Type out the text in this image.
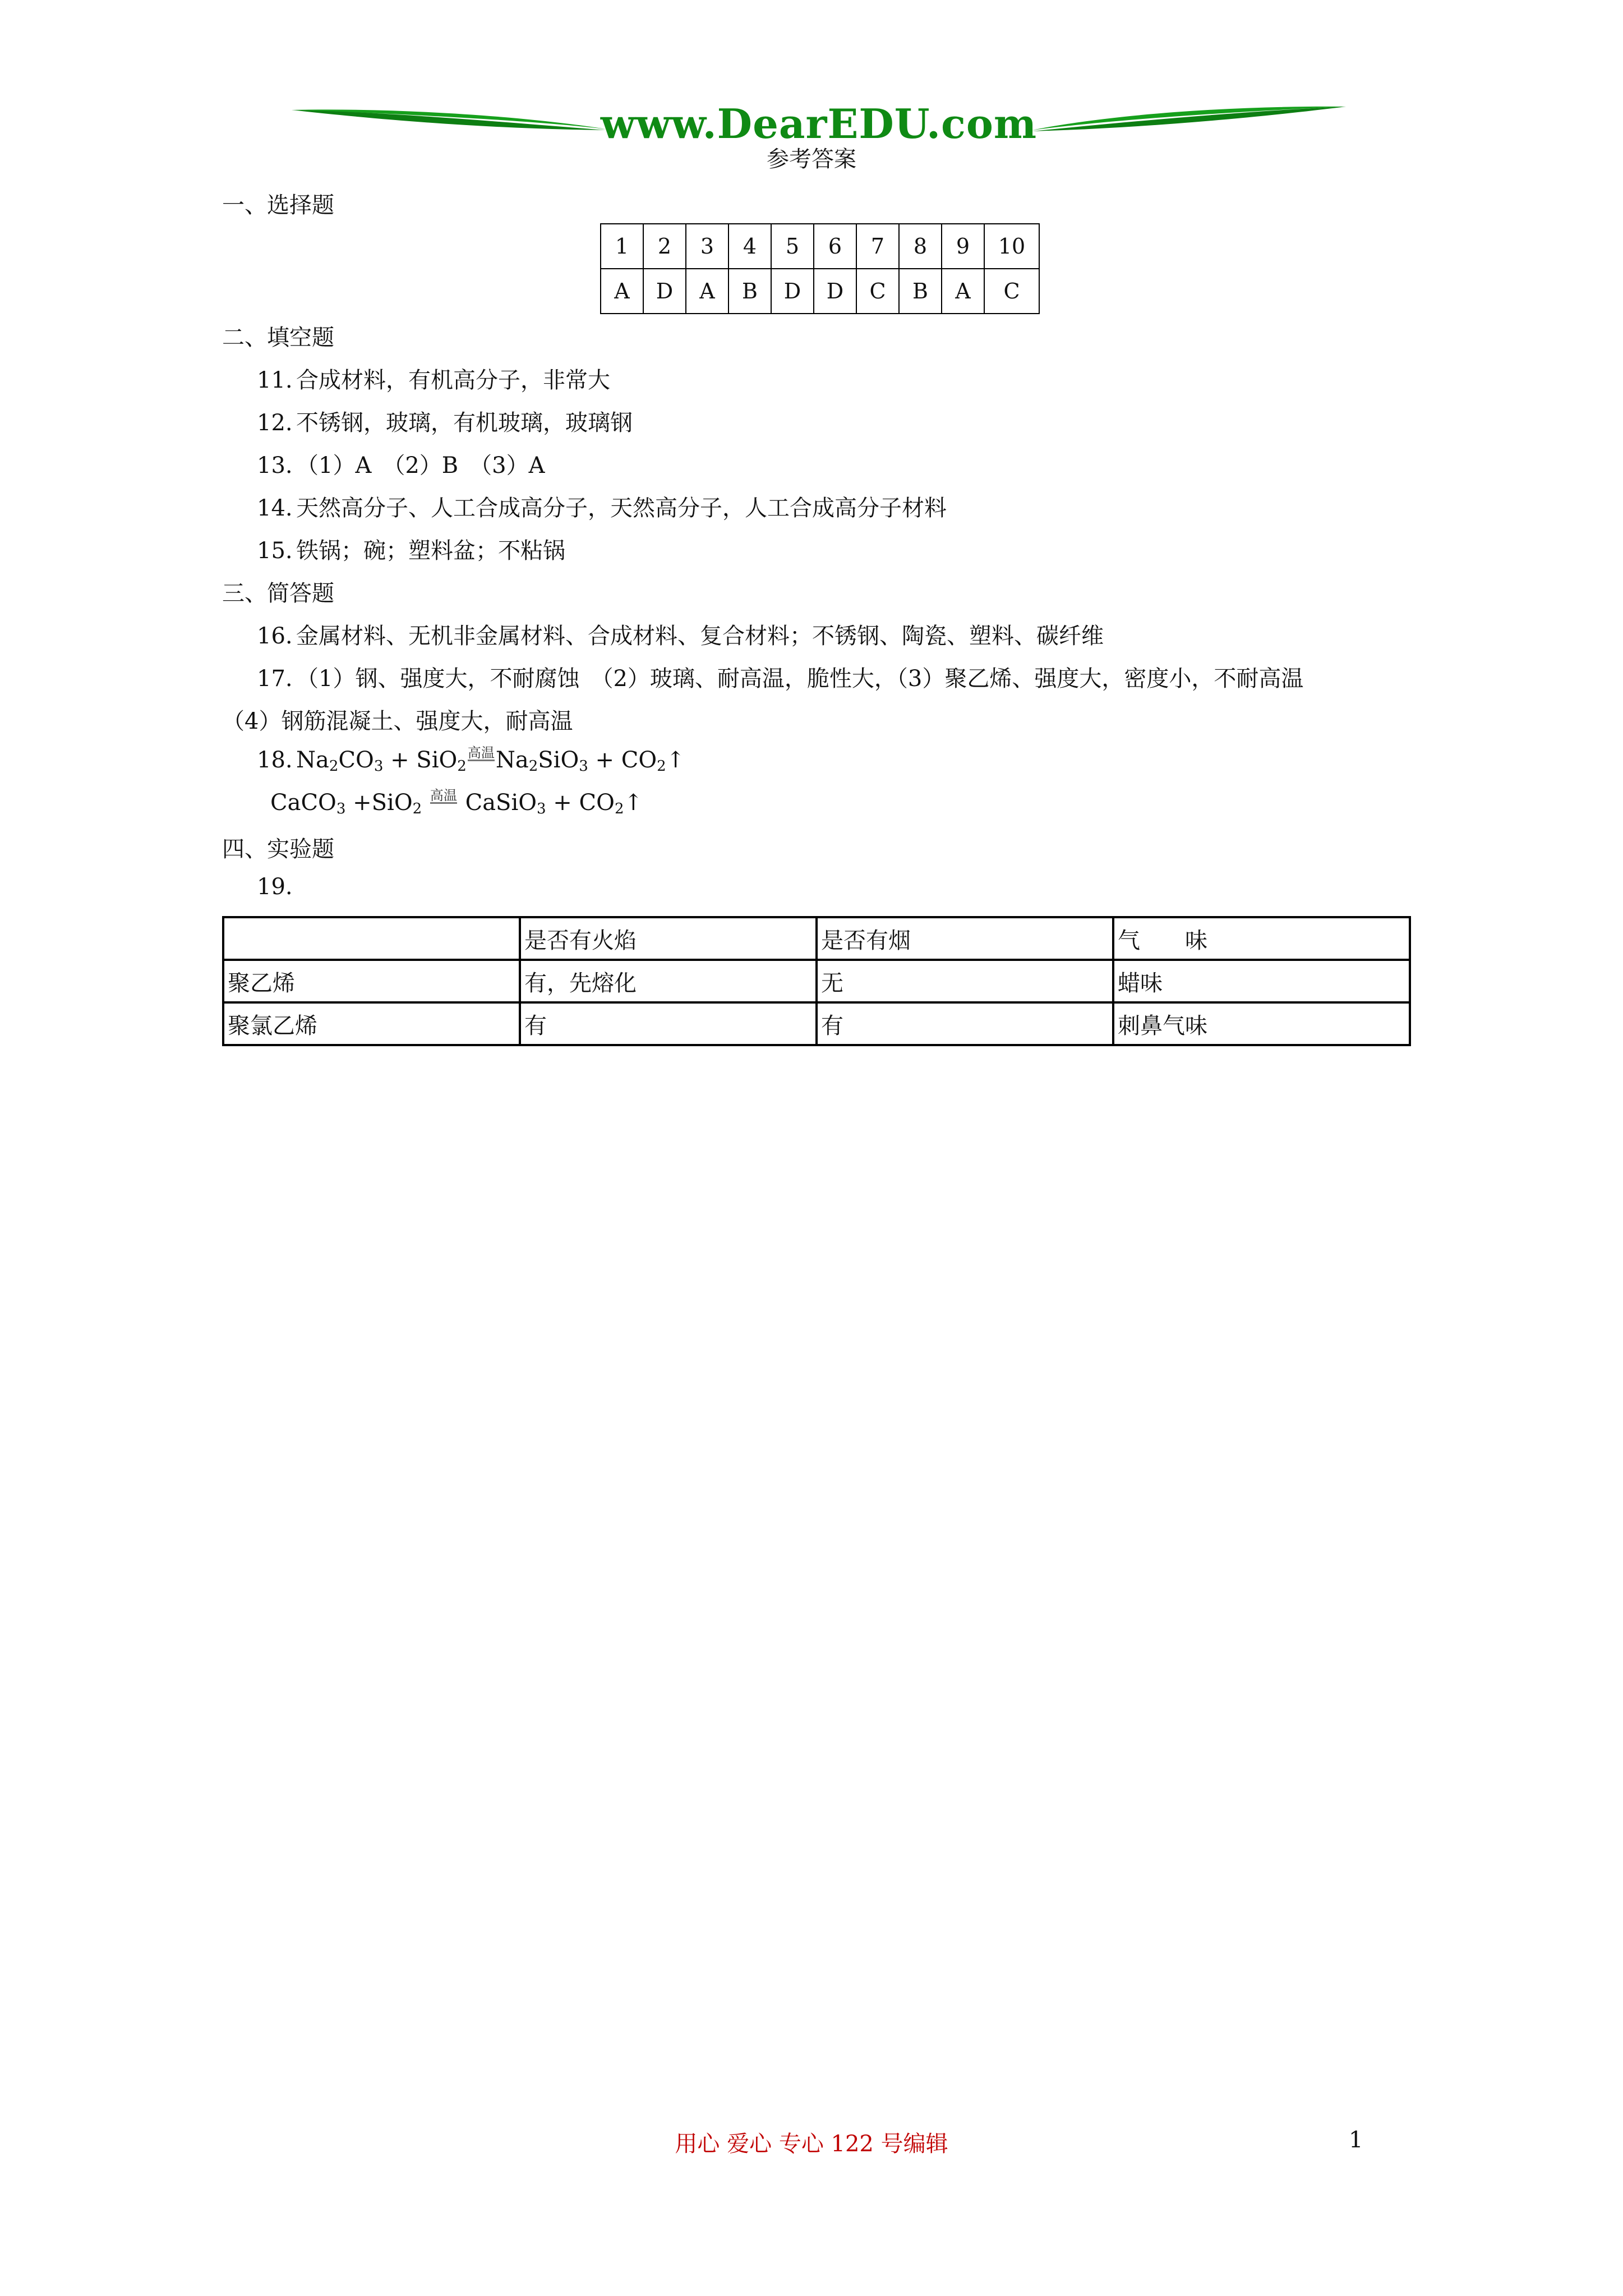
www.DearEDU.com
参考答案
一、选择题
1	2	3	4	5	6	7	8	9	10
A	D	A	B	D	D	C	B	A	C
二、填空题
11. 合成材料，有机高分子，非常大
12. 不锈钢，玻璃，有机玻璃，玻璃钢
13. （1）A　（2）B　（3）A
14. 天然高分子、人工合成高分子，天然高分子，人工合成高分子材料
15. 铁锅；碗；塑料盆；不粘锅
三、简答题
16. 金属材料、无机非金属材料、合成材料、复合材料；不锈钢、陶瓷、塑料、碳纤维
17. （1）钢、强度大，不耐腐蚀　（2）玻璃、耐高温，脆性大，（3）聚乙烯、强度大，密度小，不耐高温
（4）钢筋混凝土、强度大，耐高温
18. $Na_2CO_3 + SiO_2$高温$Na_2SiO_3$ + $CO_2↑$
CaCO$_3$ +SiO$_2$ 高温 CaSiO$_3$ + $CO_2↑$
四、实验题
19.
	是否有火焰	是否有烟	气　　味
聚乙烯	有，先熔化	无	蜡味
聚氯乙烯	有	有	刺鼻气味
用心 爱心 专心 122 号编辑	1
